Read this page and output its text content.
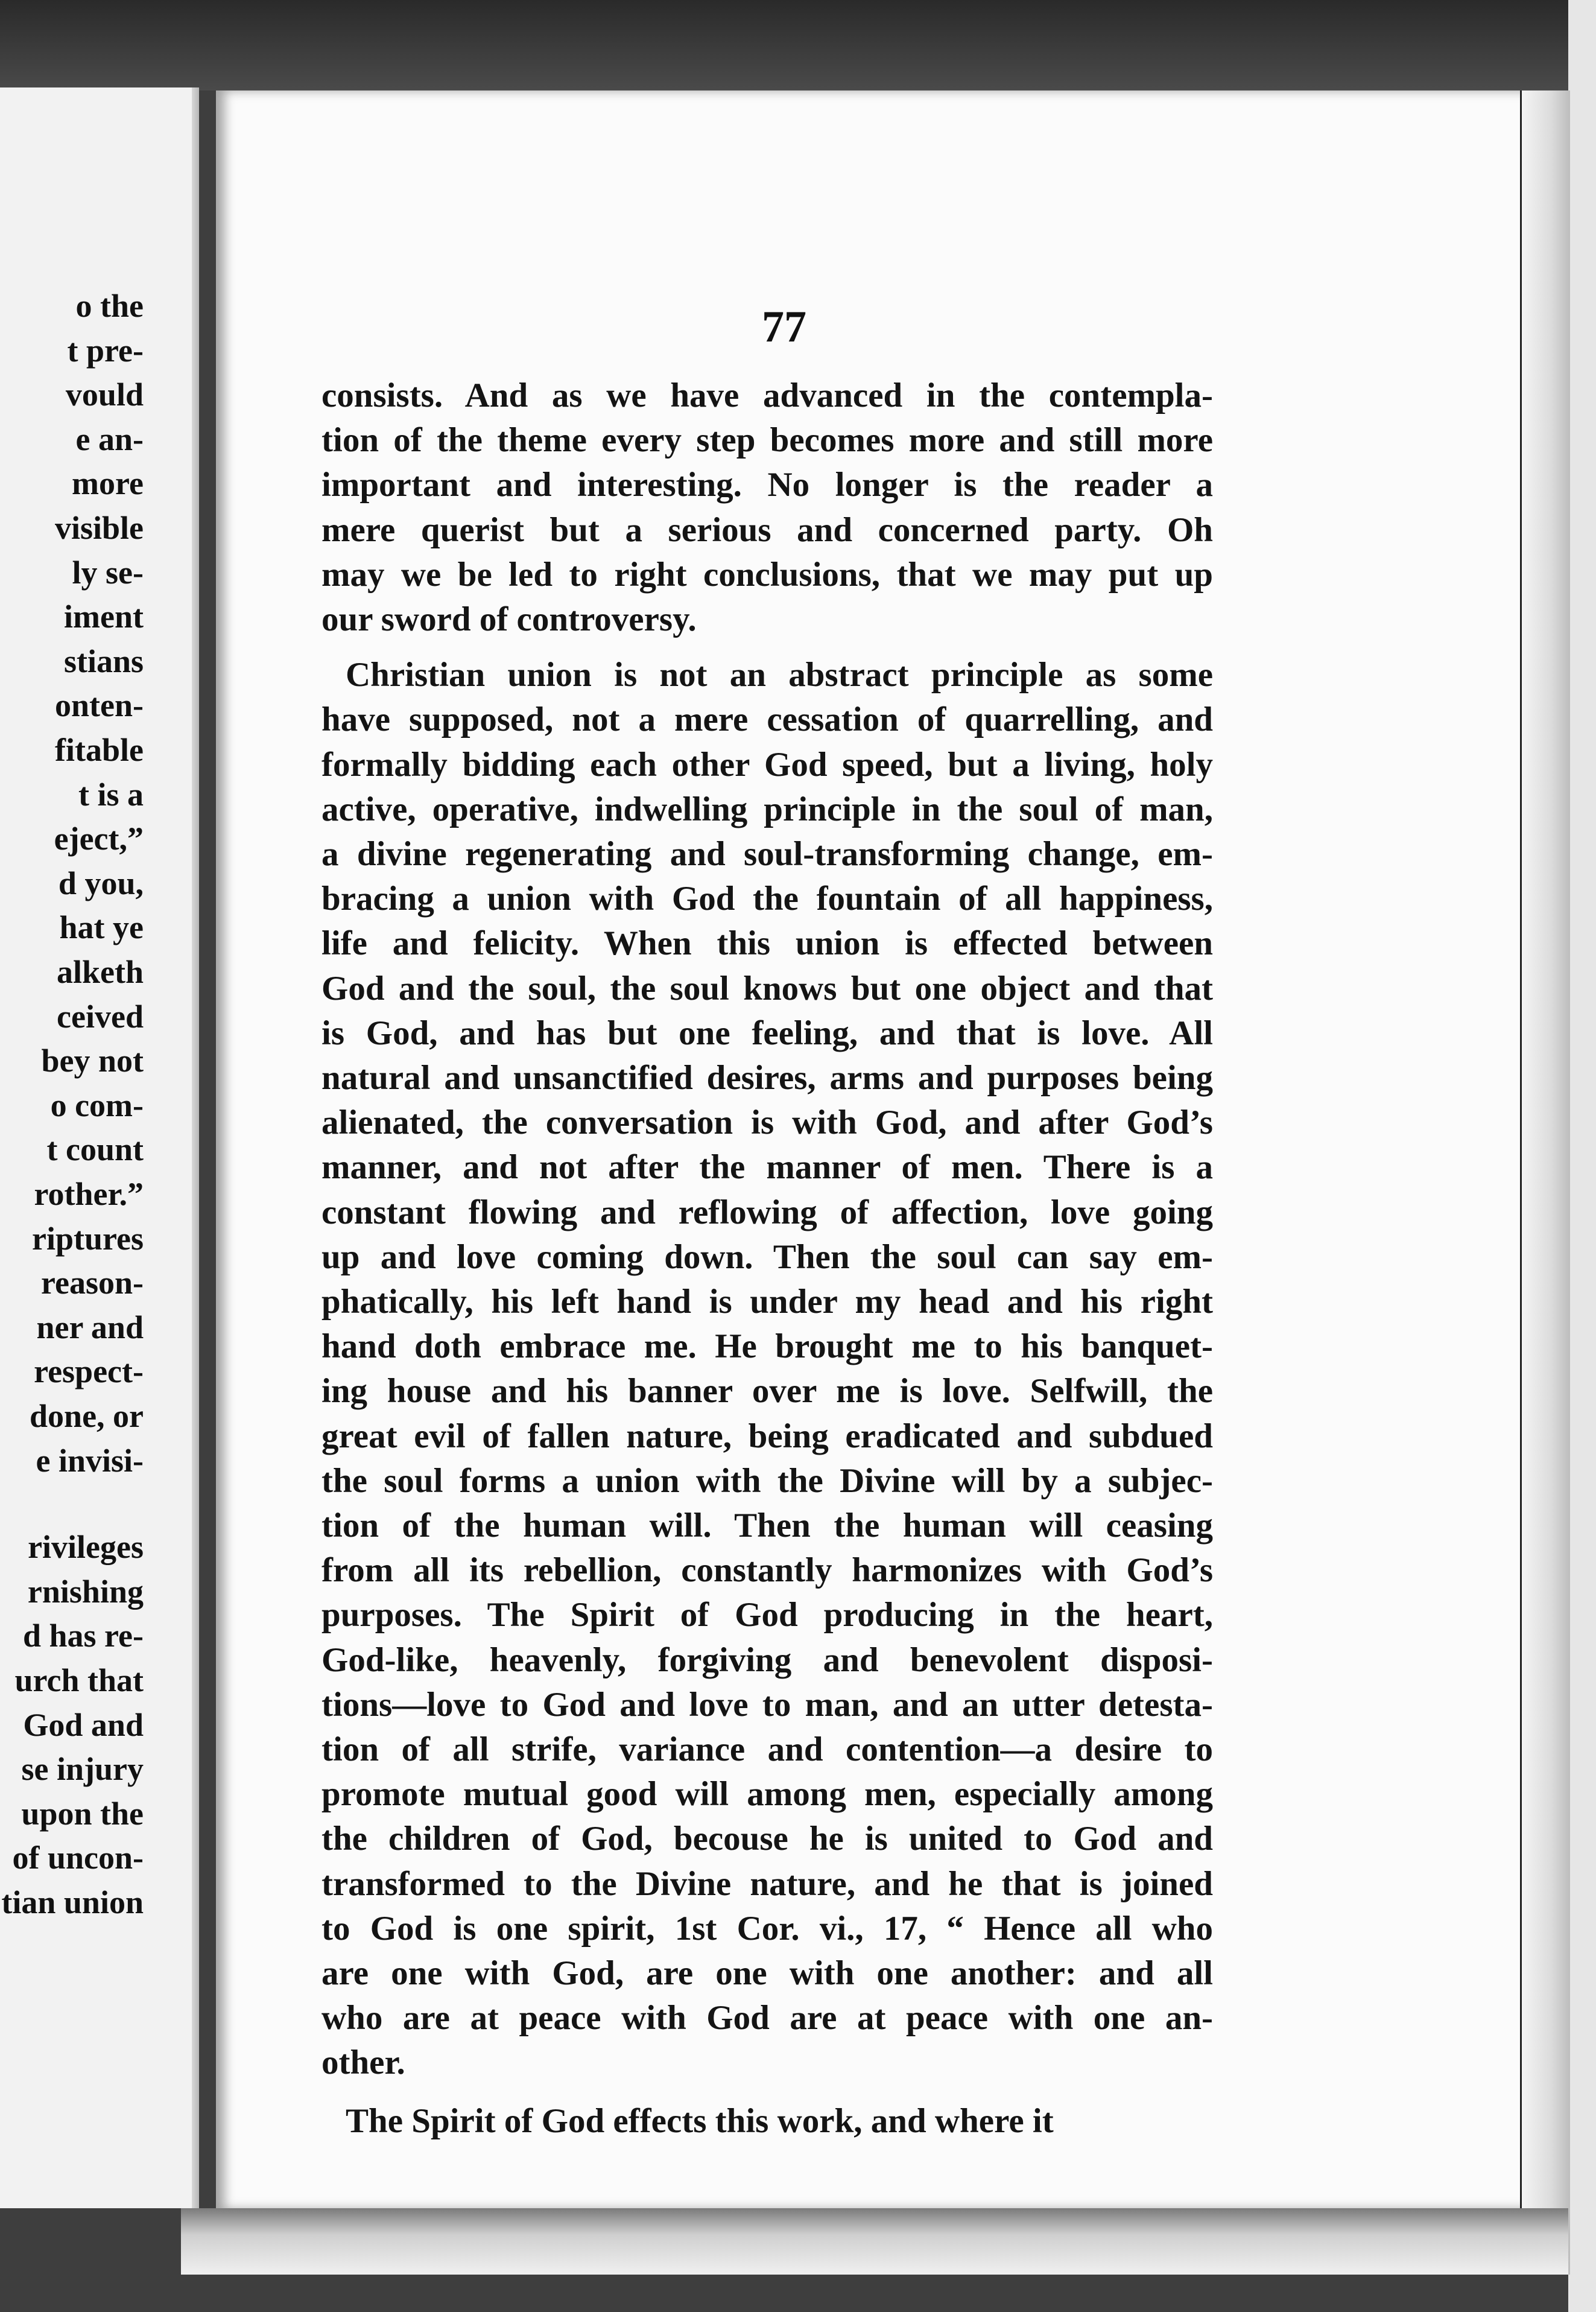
o the
t pre-
vould
e an-
more
visible
ly se-
iment
stians
onten-
fitable
t is a
eject,”
d you,
hat ye
alketh
ceived
bey not
o com-
t count
rother.”
riptures
reason-
ner and
respect-
done, or
e invisi-
rivileges
rnishing
d has re-
urch that
God and
se injury
upon the
of uncon-
tian union
77
consists. And as we have advanced in the contempla-
tion of the theme every step becomes more and still more
important and interesting. No longer is the reader a
mere querist but a serious and concerned party. Oh
may we be led to right conclusions, that we may put up
our sword of controversy.
Christian union is not an abstract principle as some
have supposed, not a mere cessation of quarrelling, and
formally bidding each other God speed, but a living, holy
active, operative, indwelling principle in the soul of man,
a divine regenerating and soul-transforming change, em-
bracing a union with God the fountain of all happiness,
life and felicity. When this union is effected between
God and the soul, the soul knows but one object and that
is God, and has but one feeling, and that is love. All
natural and unsanctified desires, arms and purposes being
alienated, the conversation is with God, and after God’s
manner, and not after the manner of men. There is a
constant flowing and reflowing of affection, love going
up and love coming down. Then the soul can say em-
phatically, his left hand is under my head and his right
hand doth embrace me. He brought me to his banquet-
ing house and his banner over me is love. Selfwill, the
great evil of fallen nature, being eradicated and subdued
the soul forms a union with the Divine will by a subjec-
tion of the human will. Then the human will ceasing
from all its rebellion, constantly harmonizes with God’s
purposes. The Spirit of God producing in the heart,
God-like, heavenly, forgiving and benevolent disposi-
tions—love to God and love to man, and an utter detesta-
tion of all strife, variance and contention—a desire to
promote mutual good will among men, especially among
the children of God, becouse he is united to God and
transformed to the Divine nature, and he that is joined
to God is one spirit, 1st Cor. vi., 17, “ Hence all who
are one with God, are one with one another: and all
who are at peace with God are at peace with one an-
other.
The Spirit of God effects this work, and where it
